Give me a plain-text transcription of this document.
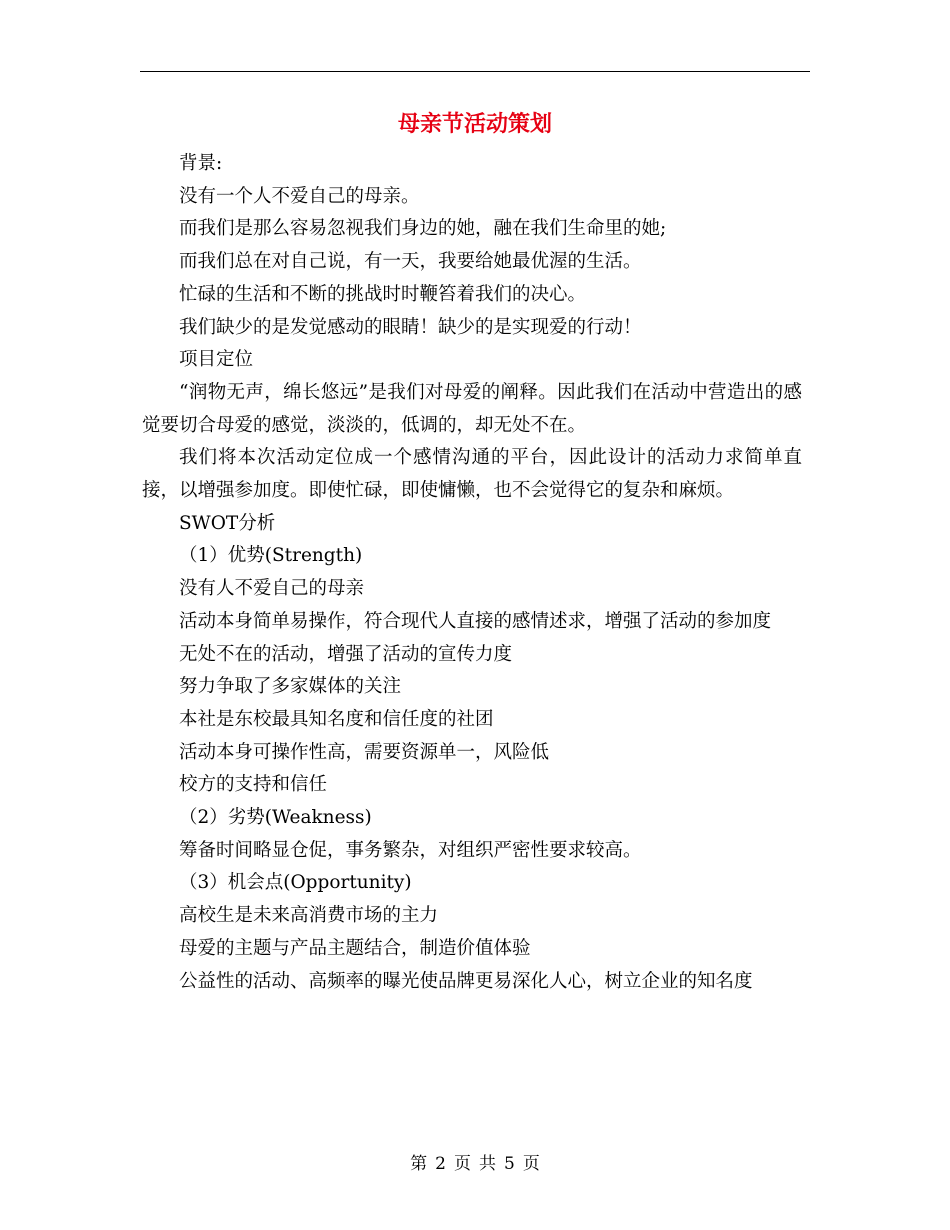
母亲节活动策划

背景:

没有一个人不爱自己的母亲。

而我们是那么容易忽视我们身边的她，融在我们生命里的她;

而我们总在对自己说，有一天，我要给她最优渥的生活。

忙碌的生活和不断的挑战时时鞭笞着我们的决心。

我们缺少的是发觉感动的眼睛！缺少的是实现爱的行动！

项目定位

“润物无声，绵长悠远”是我们对母爱的阐释。因此我们在活动中营造出的感觉要切合母爱的感觉，淡淡的，低调的，却无处不在。

我们将本次活动定位成一个感情沟通的平台，因此设计的活动力求简单直接，以增强参加度。即使忙碌，即使慵懒，也不会觉得它的复杂和麻烦。

SWOT分析

（1）优势(Strength)

没有人不爱自己的母亲

活动本身简单易操作，符合现代人直接的感情述求，增强了活动的参加度

无处不在的活动，增强了活动的宣传力度

努力争取了多家媒体的关注

本社是东校最具知名度和信任度的社团

活动本身可操作性高，需要资源单一，风险低

校方的支持和信任

（2）劣势(Weakness)

筹备时间略显仓促，事务繁杂，对组织严密性要求较高。

（3）机会点(Opportunity)

高校生是未来高消费市场的主力

母爱的主题与产品主题结合，制造价值体验

公益性的活动、高频率的曝光使品牌更易深化人心，树立企业的知名度

第 2 页 共 5 页
